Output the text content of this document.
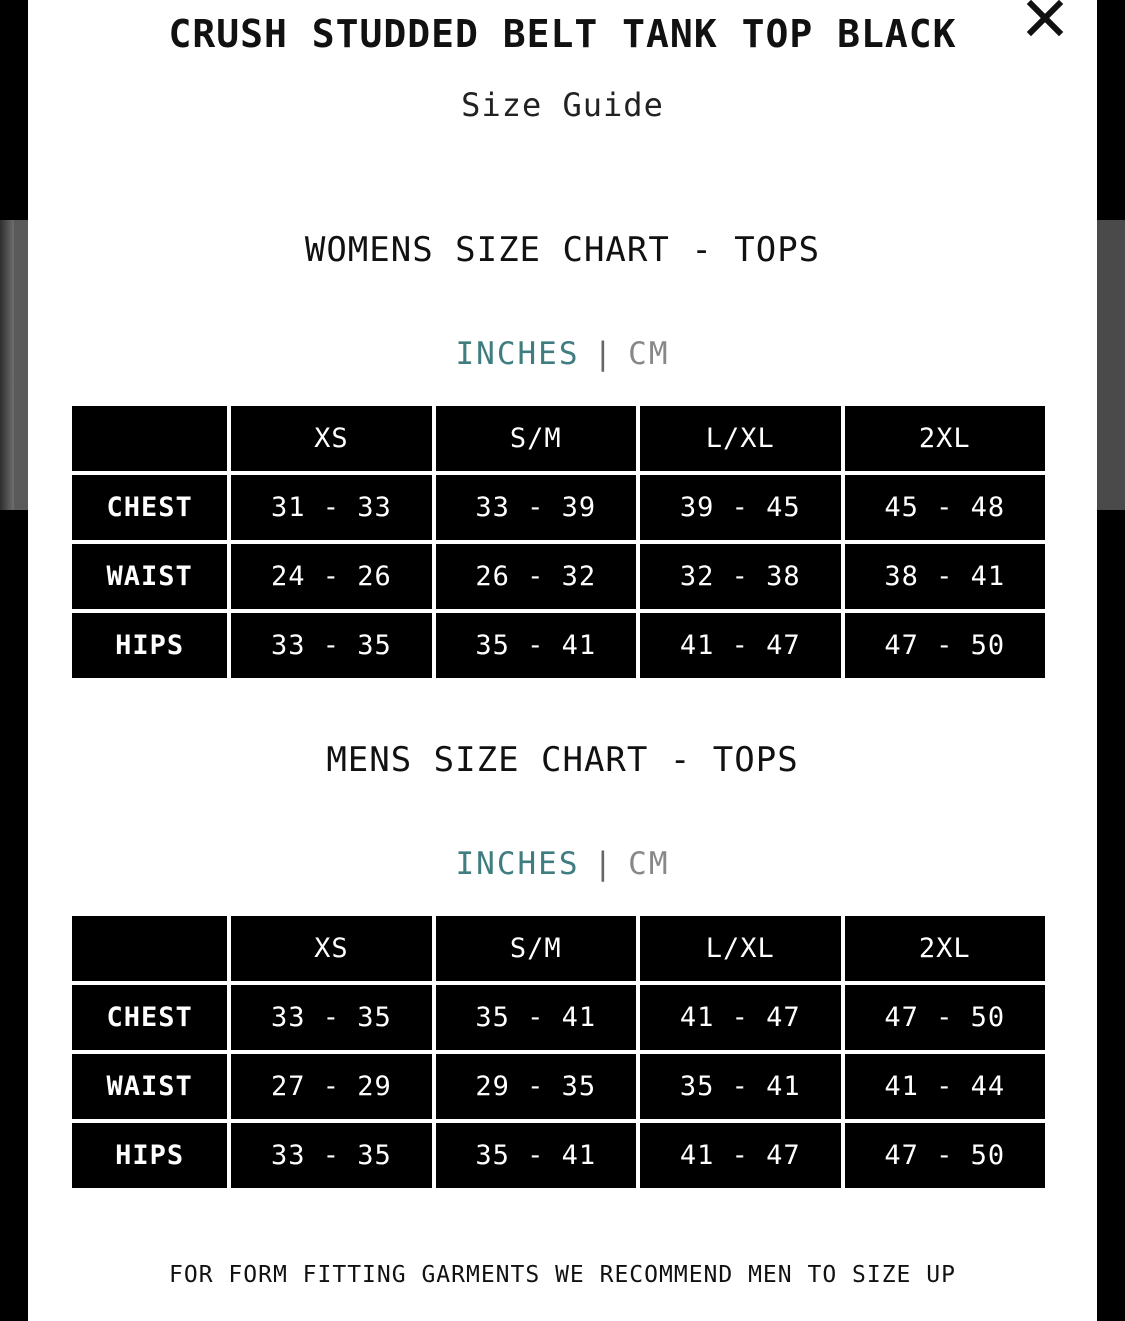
CRUSH STUDDED BELT TANK TOP BLACK
Size Guide
WOMENS SIZE CHART - TOPS
INCHES | CM
	XS	S/M	L/XL	2XL
CHEST	31 - 33	33 - 39	39 - 45	45 - 48
WAIST	24 - 26	26 - 32	32 - 38	38 - 41
HIPS	33 - 35	35 - 41	41 - 47	47 - 50
MENS SIZE CHART - TOPS
INCHES | CM
	XS	S/M	L/XL	2XL
CHEST	33 - 35	35 - 41	41 - 47	47 - 50
WAIST	27 - 29	29 - 35	35 - 41	41 - 44
HIPS	33 - 35	35 - 41	41 - 47	47 - 50
FOR FORM FITTING GARMENTS WE RECOMMEND MEN TO SIZE UP
